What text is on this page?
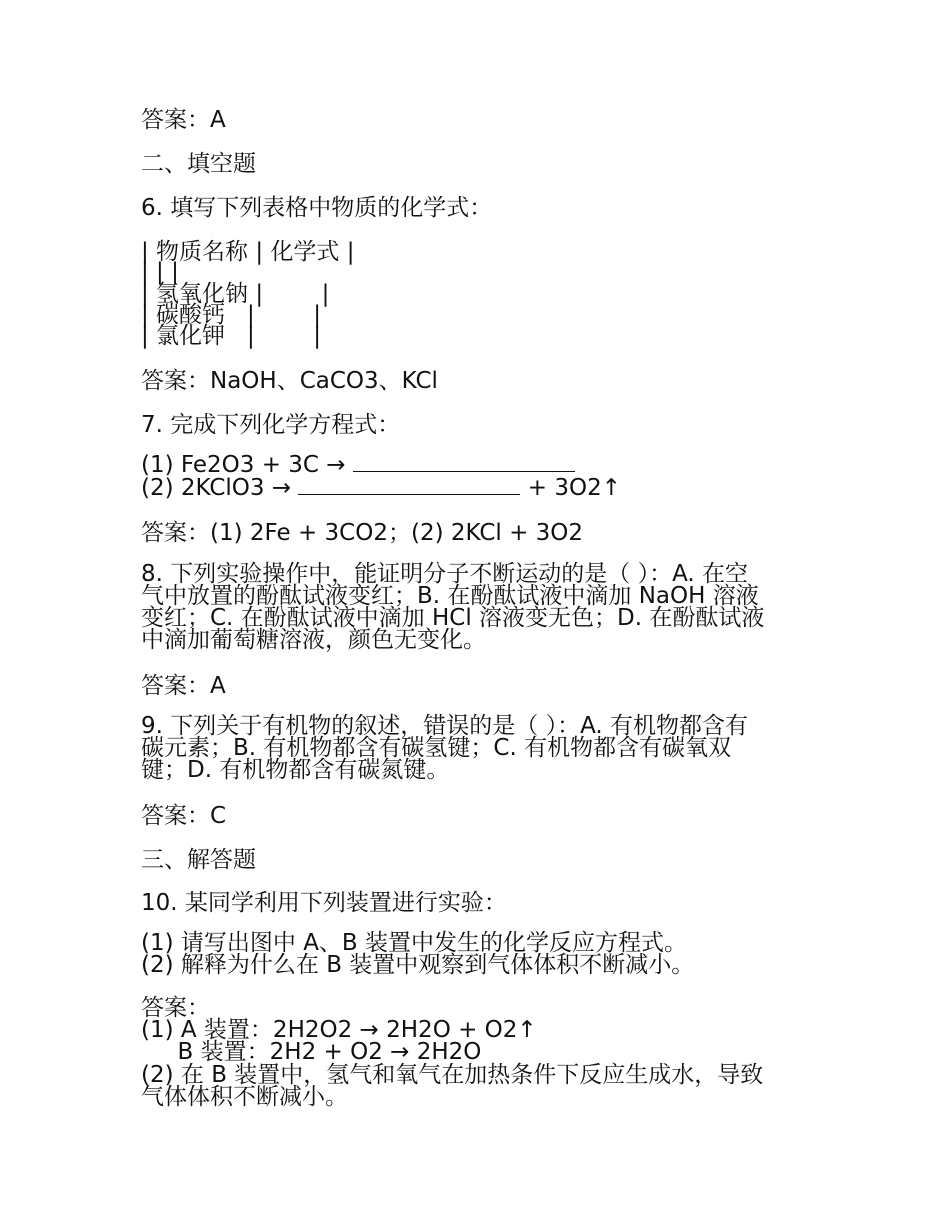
答案：A
二、填空题
6. 填写下列表格中物质的化学式：
| 物质名称 | 化学式 |
| | |
| 氢氧化钠 |        |
| 碳酸钙   |        |
| 氯化钾   |        |
答案：NaOH、CaCO3、KCl
7. 完成下列化学方程式：
(1) Fe2O3 + 3C →
(2) 2KClO3 →	+ 3O2↑
答案：(1) 2Fe + 3CO2；(2) 2KCl + 3O2
8. 下列实验操作中，能证明分子不断运动的是（ ）：A. 在空
气中放置的酚酞试液变红；B. 在酚酞试液中滴加 NaOH 溶液
变红；C. 在酚酞试液中滴加 HCl 溶液变无色；D. 在酚酞试液
中滴加葡萄糖溶液，颜色无变化。
答案：A
9. 下列关于有机物的叙述，错误的是（ ）：A. 有机物都含有
碳元素；B. 有机物都含有碳氢键；C. 有机物都含有碳氧双
键；D. 有机物都含有碳氮键。
答案：C
三、解答题
10. 某同学利用下列装置进行实验：
(1) 请写出图中 A、B 装置中发生的化学反应方程式。
(2) 解释为什么在 B 装置中观察到气体体积不断减小。
答案：
(1) A 装置：2H2O2 → 2H2O + O2↑
B 装置：2H2 + O2 → 2H2O
(2) 在 B 装置中，氢气和氧气在加热条件下反应生成水，导致
气体体积不断减小。
